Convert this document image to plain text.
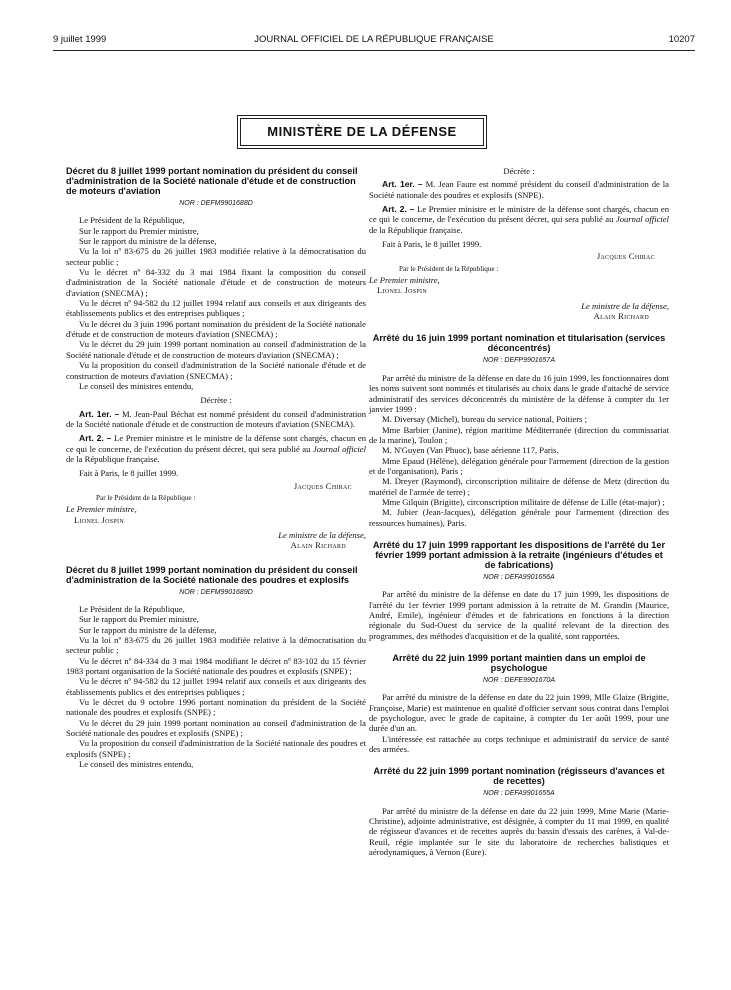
9 juillet 1999	JOURNAL OFFICIEL DE LA RÉPUBLIQUE FRANÇAISE	10207
MINISTÈRE DE LA DÉFENSE
Décret du 8 juillet 1999 portant nomination du président du conseil d'administration de la Société nationale d'étude et de construction de moteurs d'aviation
NOR : DEFM9901688D

Le Président de la République,

Sur le rapport du Premier ministre,

Sur le rapport du ministre de la défense,

Vu la loi nº 83-675 du 26 juillet 1983 modifiée relative à la démocratisation du secteur public ;

Vu le décret nº 84-332 du 3 mai 1984 fixant la composition du conseil d'administration de la Société nationale d'étude et de construction de moteurs d'aviation (SNECMA) ;

Vu le décret nº 94-582 du 12 juillet 1994 relatif aux conseils et aux dirigeants des établissements publics et des entreprises publiques ;

Vu le décret du 3 juin 1996 portant nomination du président de la Société nationale d'étude et de construction de moteurs d'aviation (SNECMA) ;

Vu le décret du 29 juin 1999 portant nomination au conseil d'administration de la Société nationale d'étude et de construction de moteurs d'aviation (SNECMA) ;

Vu la proposition du conseil d'administration de la Société nationale d'étude et de construction de moteurs d'aviation (SNECMA) ;

Le conseil des ministres entendu,

Décrète :

Art. 1er. – M. Jean-Paul Béchat est nommé président du conseil d'administration de la Société nationale d'étude et de construction de moteurs d'aviation (SNECMA).

Art. 2. – Le Premier ministre et le ministre de la défense sont chargés, chacun en ce qui le concerne, de l'exécution du présent décret, qui sera publié au Journal officiel de la République française.

Fait à Paris, le 8 juillet 1999.

Jacques Chirac

Par le Président de la République :

Le Premier ministre,

Lionel Jospin

Le ministre de la défense,

Alain Richard

Décret du 8 juillet 1999 portant nomination du président du conseil d'administration de la Société nationale des poudres et explosifs
NOR : DEFM9901689D

Le Président de la République,

Sur le rapport du Premier ministre,

Sur le rapport du ministre de la défense,

Vu la loi nº 83-675 du 26 juillet 1983 modifiée relative à la démocratisation du secteur public ;

Vu le décret nº 84-334 du 3 mai 1984 modifiant le décret nº 83-102 du 15 février 1983 portant organisation de la Société nationale des poudres et explosifs (SNPE) ;

Vu le décret nº 94-582 du 12 juillet 1994 relatif aux conseils et aux dirigeants des établissements publics et des entreprises publiques ;

Vu le décret du 9 octobre 1996 portant nomination du président de la Société nationale des poudres et explosifs (SNPE) ;

Vu le décret du 29 juin 1999 portant nomination au conseil d'administration de la Société nationale des poudres et explosifs (SNPE) ;

Vu la proposition du conseil d'administration de la Société nationale des poudres et explosifs (SNPE) ;

Le conseil des ministres entendu,

Décrète :

Art. 1er. – M. Jean Faure est nommé président du conseil d'administration de la Société nationale des poudres et explosifs (SNPE).

Art. 2. – Le Premier ministre et le ministre de la défense sont chargés, chacun en ce qui le concerne, de l'exécution du présent décret, qui sera publié au Journal officiel de la République française.

Fait à Paris, le 8 juillet 1999.

Jacques Chirac

Par le Président de la République :

Le Premier ministre,

Lionel Jospin

Le ministre de la défense,

Alain Richard

Arrêté du 16 juin 1999 portant nomination et titularisation (services déconcentrés)
NOR : DEFP9901657A

Par arrêté du ministre de la défense en date du 16 juin 1999, les fonctionnaires dont les noms suivent sont nommés et titularisés au choix dans le grade d'attaché de service administratif des services déconcentrés du ministère de la défense à compter du 1er janvier 1999 :

M. Diversay (Michel), bureau du service national, Poitiers ;

Mme Barbier (Janine), région maritime Méditerranée (direction du commissariat de la marine), Toulon ;

M. N'Guyen (Van Phuoc), base aérienne 117, Paris.

Mme Epaud (Hélène), délégation générale pour l'armement (direction de la gestion et de l'organisation), Paris ;

M. Dreyer (Raymond), circonscription militaire de défense de Metz (direction du matériel de l'armée de terre) ;

Mme Gilquin (Brigitte), circonscription militaire de défense de Lille (état-major) ;

M. Jubier (Jean-Jacques), délégation générale pour l'armement (direction des ressources humaines), Paris.

Arrêté du 17 juin 1999 rapportant les dispositions de l'arrêté du 1er février 1999 portant admission à la retraite (ingénieurs d'études et de fabrications)
NOR : DEFA9901656A

Par arrêté du ministre de la défense en date du 17 juin 1999, les dispositions de l'arrêté du 1er février 1999 portant admission à la retraite de M. Grandin (Maurice, André, Emile), ingénieur d'études et de fabrications en fonctions à la direction régionale du Sud-Ouest du service de la qualité relevant de la direction des programmes, des méthodes d'acquisition et de la qualité, sont rapportées.

Arrêté du 22 juin 1999 portant maintien dans un emploi de psychologue
NOR : DEFE9901670A

Par arrêté du ministre de la défense en date du 22 juin 1999, Mlle Glaize (Brigitte, Françoise, Marie) est maintenue en qualité d'officier servant sous contrat dans l'emploi de psychologue, avec le grade de capitaine, à compter du 1er août 1999, pour une durée d'un an.

L'intéressée est rattachée au corps technique et administratif du service de santé des armées.

Arrêté du 22 juin 1999 portant nomination (régisseurs d'avances et de recettes)
NOR : DEFA9901655A

Par arrêté du ministre de la défense en date du 22 juin 1999, Mme Marie (Marie-Christine), adjointe administrative, est désignée, à compter du 11 mai 1999, en qualité de régisseur d'avances et de recettes auprès du bassin d'essais des carènes, à Val-de-Reuil, régie implantée sur le site du laboratoire de recherches balistiques et aérodynamiques, à Vernon (Eure).
